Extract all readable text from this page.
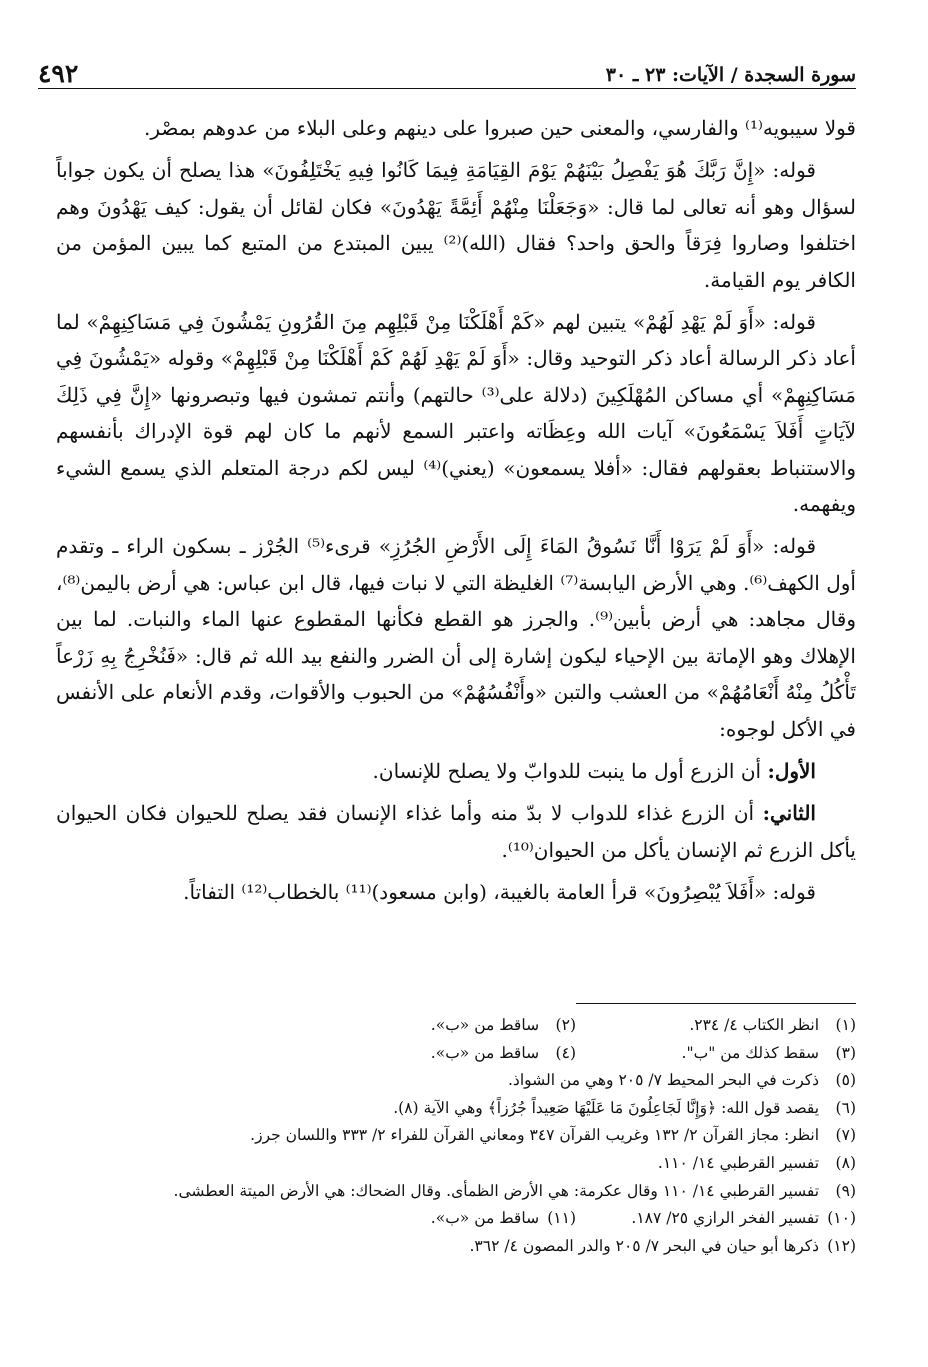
٤٩٢	سورة السجدة / الآيات: ٢٣ ـ ٣٠

قولا سيبويه⁽¹⁾ والفارسي، والمعنى حين صبروا على دينهم وعلى البلاء من عدوهم بمصْر.

قوله: «إِنَّ رَبَّكَ هُوَ يَفْصِلُ بَيْنَهُمْ يَوْمَ القِيَامَةِ فِيمَا كَانُوا فِيهِ يَخْتَلِفُونَ» هذا يصلح أن يكون جواباً لسؤال وهو أنه تعالى لما قال: «وَجَعَلْنَا مِنْهُمْ أَئِمَّةً يَهْدُونَ» فكان لقائل أن يقول: كيف يَهْدُونَ وهم اختلفوا وصاروا فِرَقاً والحق واحد؟ فقال (الله)⁽²⁾ يبين المبتدع من المتبع كما يبين المؤمن من الكافر يوم القيامة.

قوله: «أَوَ لَمْ يَهْدِ لَهُمْ» يتبين لهم «كَمْ أَهْلَكْنَا مِنْ قَبْلِهِم مِنَ القُرُونِ يَمْشُونَ فِي مَسَاكِنِهِمْ» لما أعاد ذكر الرسالة أعاد ذكر التوحيد وقال: «أَوَ لَمْ يَهْدِ لَهُمْ كَمْ أَهْلَكْنَا مِنْ قَبْلِهِمْ» وقوله «يَمْشُونَ فِي مَسَاكِنِهِمْ» أي مساكن المُهْلَكِينَ (دلالة على⁽³⁾ حالتهم) وأنتم تمشون فيها وتبصرونها «إِنَّ فِي ذَلِكَ لآيَاتٍ أَفَلاَ يَسْمَعُونَ» آيات الله وعِظَاته واعتبر السمع لأنهم ما كان لهم قوة الإدراك بأنفسهم والاستنباط بعقولهم فقال: «أفلا يسمعون» (يعني)⁽⁴⁾ ليس لكم درجة المتعلم الذي يسمع الشيء ويفهمه.

قوله: «أَوَ لَمْ يَرَوْا أَنَّا نَسُوقُ المَاءَ إِلَى الأَرْضِ الجُرُزِ» قرىء⁽⁵⁾ الجُرْز ـ بسكون الراء ـ وتقدم أول الكهف⁽⁶⁾. وهي الأرض اليابسة⁽⁷⁾ الغليظة التي لا نبات فيها، قال ابن عباس: هي أرض باليمن⁽⁸⁾، وقال مجاهد: هي أرض بأبين⁽⁹⁾. والجرز هو القطع فكأنها المقطوع عنها الماء والنبات. لما بين الإهلاك وهو الإماتة بين الإحياء ليكون إشارة إلى أن الضرر والنفع بيد الله ثم قال: «فَنُخْرِجُ بِهِ زَرْعاً تَأْكُلُ مِنْهُ أَنْعَامُهُمْ» من العشب والتبن «وأَنْفُسُهُمْ» من الحبوب والأقوات، وقدم الأنعام على الأنفس في الأكل لوجوه:

الأول: أن الزرع أول ما ينبت للدوابّ ولا يصلح للإنسان.

الثاني: أن الزرع غذاء للدواب لا بدّ منه وأما غذاء الإنسان فقد يصلح للحيوان فكان الحيوان يأكل الزرع ثم الإنسان يأكل من الحيوان⁽¹⁰⁾.

قوله: «أَفَلاَ يُبْصِرُونَ» قرأ العامة بالغيبة، (وابن مسعود)⁽¹¹⁾ بالخطاب⁽¹²⁾ التفاتاً.

(١) انظر الكتاب ٤/ ٢٣٤.
(٢) ساقط من «ب».
(٣) سقط كذلك من "ب".
(٤) ساقط من «ب».
(٥) ذكرت في البحر المحيط ٧/ ٢٠٥ وهي من الشواذ.
(٦) يقصد قول الله: ﴿وَإِنَّا لَجَاعِلُونَ مَا عَلَيْهَا صَعِيداً جُرُزاً﴾ وهي الآية (٨).
(٧) انظر: مجاز القرآن ٢/ ١٣٢ وغريب القرآن ٣٤٧ ومعاني القرآن للفراء ٢/ ٣٣٣ واللسان جرز.
(٨) تفسير القرطبي ١٤/ ١١٠.
(٩) تفسير القرطبي ١٤/ ١١٠ وقال عكرمة: هي الأرض الظمأى. وقال الضحاك: هي الأرض الميتة العطشى.
(١٠) تفسير الفخر الرازي ٢٥/ ١٨٧.
(١١) ساقط من «ب».
(١٢) ذكرها أبو حيان في البحر ٧/ ٢٠٥ والدر المصون ٤/ ٣٦٢.
